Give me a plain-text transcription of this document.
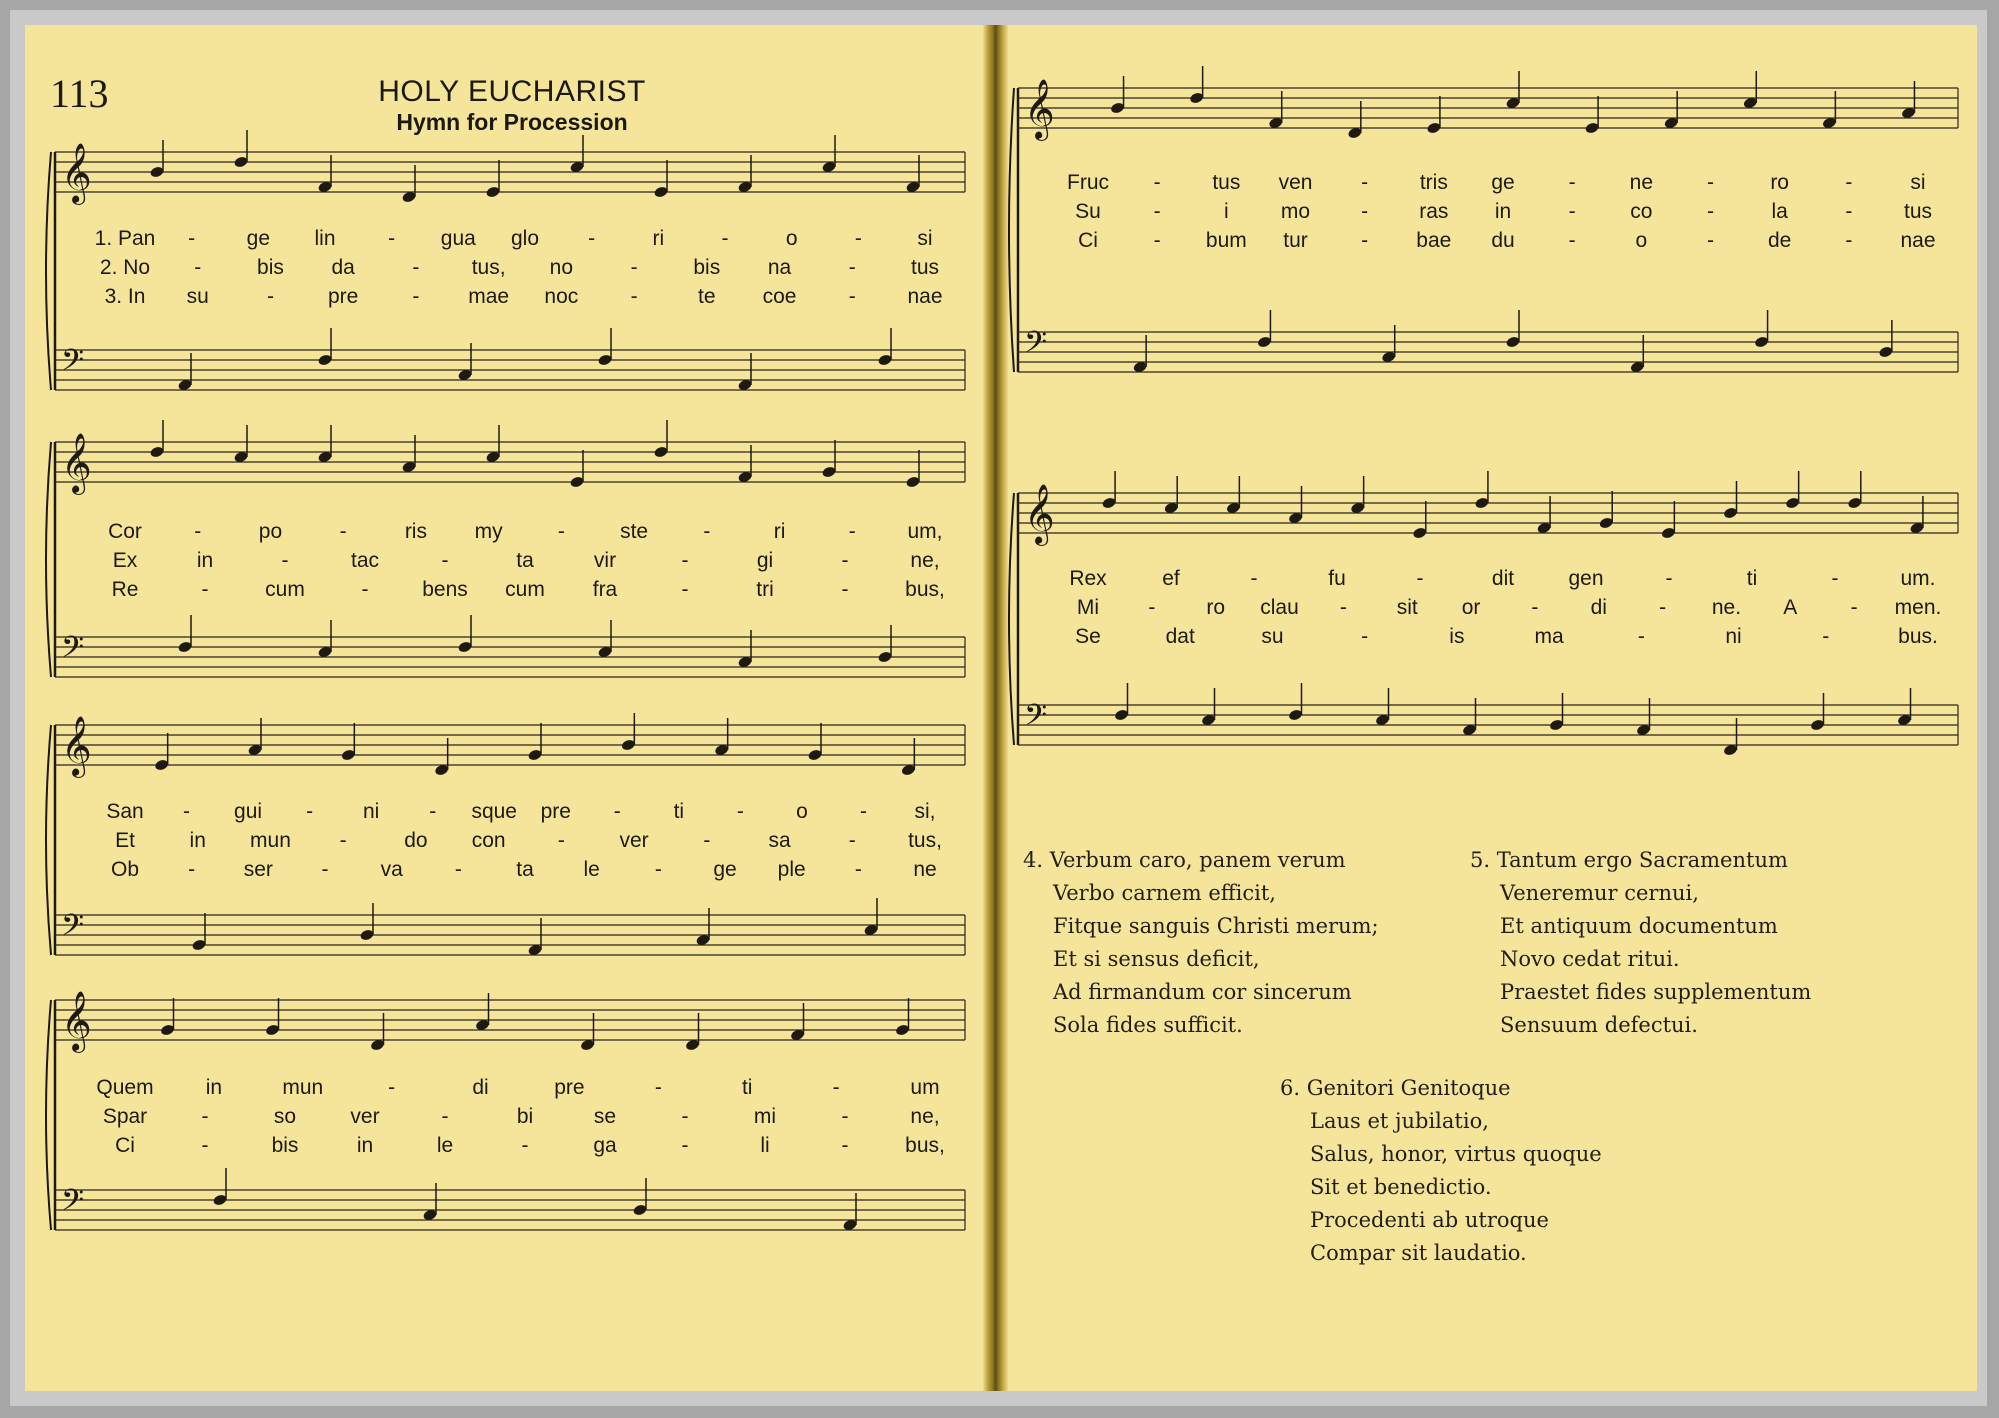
113	HOLY EUCHARIST
Hymn for Procession
𝄞
𝄢
1. Pan - ge lin	- gua glo -	ri	-	o	-	si
2. No -	bis da	- tus, no	-	bis na	-	tus
3. In su	-	pre	- mae noc -	te coe - nae
𝄞
𝄢
Cor -	po	-	ris my	-	ste	-	ri	- um,
Ex	in	-	tac	-	ta	vir	-	gi	-	ne,
Re	-	cum	-	bens cum fra	-	tri	-	bus,
𝄞
𝄢
San - gui - ni - sque pre -	ti	- o - si,
Et	in mun -	do con -	ver	-	sa	- tus,
Ob - ser - va -	ta le	- ge ple - ne
𝄞
𝄢
Quem in	mun	-	di	pre	-	ti	-	um
Spar	-	so	ver	-	bi	se	-	mi	-	ne,
Ci	-	bis	in	le	-	ga	-	li	-	bus,
𝄞
𝄢
Fruc - tus ven - tris ge	-	ne	-	ro	-	si
Su	-	i mo - ras in	-	co	-	la	- tus
Ci	- bum tur	- bae du	-	o	-	de	- nae
𝄞
𝄢
Rex	ef	-	fu	-	dit	gen	-	ti	-	um.
Mi - ro clau - sit or - di - ne. A	- men.
Se	dat	su	-	is	ma	-	ni	-	bus.
4. Verbum caro, panem verum
Verbo carnem efficit,
Fitque sanguis Christi merum;
Et si sensus deficit,
Ad firmandum cor sincerum
Sola fides sufficit.
5. Tantum ergo Sacramentum
Veneremur cernui,
Et antiquum documentum
Novo cedat ritui.
Praestet fides supplementum
Sensuum defectui.
6. Genitori Genitoque
Laus et jubilatio,
Salus, honor, virtus quoque
Sit et benedictio.
Procedenti ab utroque
Compar sit laudatio.
